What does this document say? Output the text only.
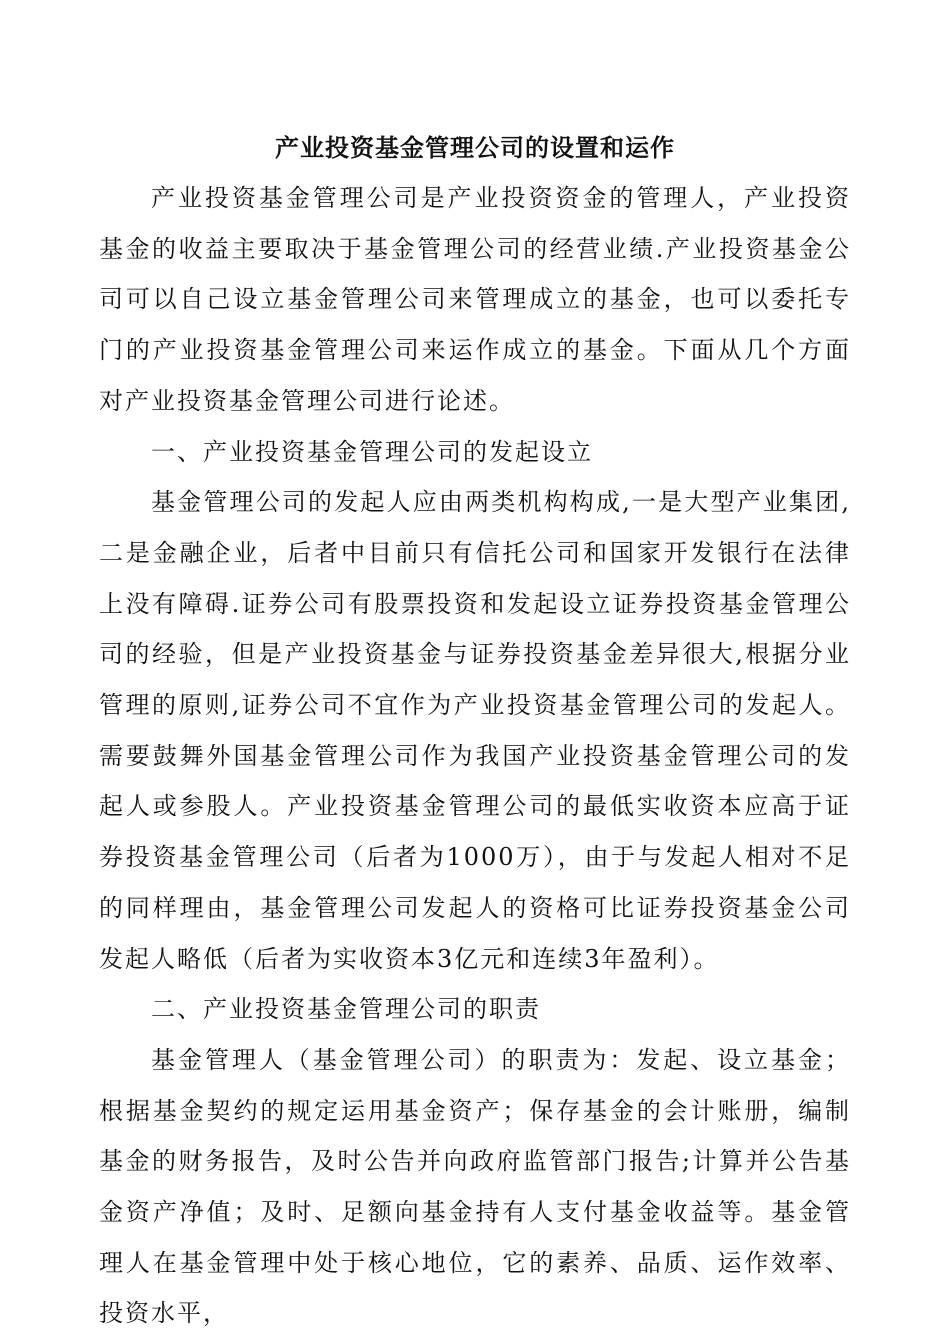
产业投资基金管理公司的设置和运作

产业投资基金管理公司是产业投资资金的管理人，产业投资基金的收益主要取决于基金管理公司的经营业绩.产业投资基金公司可以自己设立基金管理公司来管理成立的基金，也可以委托专门的产业投资基金管理公司来运作成立的基金。下面从几个方面对产业投资基金管理公司进行论述。

一、产业投资基金管理公司的发起设立

基金管理公司的发起人应由两类机构构成,一是大型产业集团,二是金融企业，后者中目前只有信托公司和国家开发银行在法律上没有障碍.证券公司有股票投资和发起设立证券投资基金管理公司的经验，但是产业投资基金与证券投资基金差异很大,根据分业管理的原则,证券公司不宜作为产业投资基金管理公司的发起人。需要鼓舞外国基金管理公司作为我国产业投资基金管理公司的发起人或参股人。产业投资基金管理公司的最低实收资本应高于证券投资基金管理公司（后者为1000万），由于与发起人相对不足的同样理由，基金管理公司发起人的资格可比证券投资基金公司发起人略低（后者为实收资本3亿元和连续3年盈利）。

二、产业投资基金管理公司的职责

基金管理人（基金管理公司）的职责为：发起、设立基金；根据基金契约的规定运用基金资产；保存基金的会计账册，编制基金的财务报告，及时公告并向政府监管部门报告;计算并公告基金资产净值；及时、足额向基金持有人支付基金收益等。基金管理人在基金管理中处于核心地位，它的素养、品质、运作效率、投资水平，
